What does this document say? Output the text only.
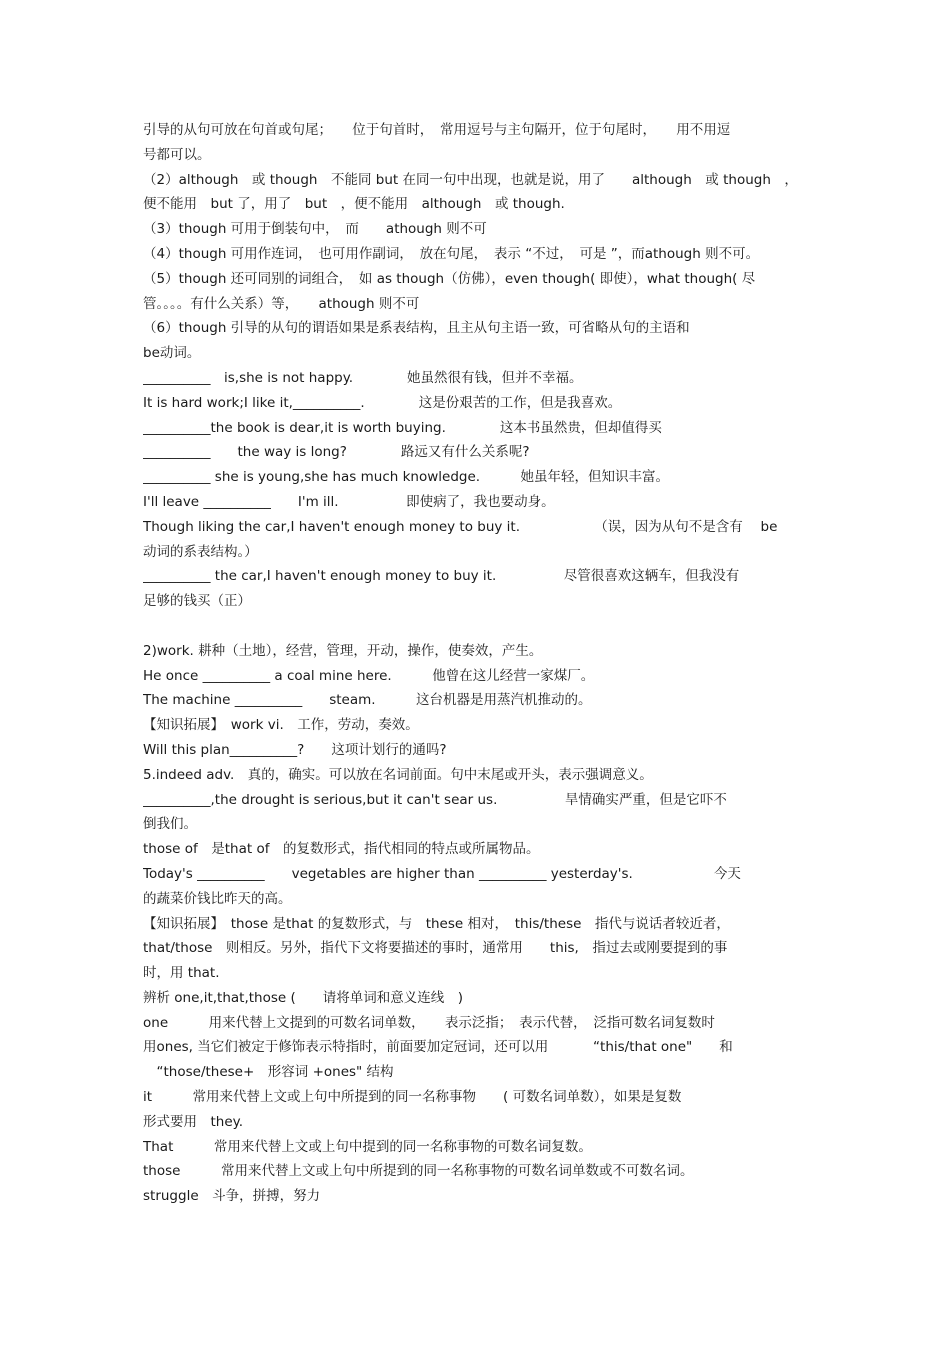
引导的从句可放在句首或句尾；　　位于句首时，　常用逗号与主句隔开，位于句尾时，　　用不用逗
号都可以。
（2）although　或 though　不能同 but 在同一句中出现，也就是说，用了　　although　或 though　，
便不能用　but 了，用了　but　，便不能用　although　或 though.
（3）though 可用于倒装句中，　而　　athough 则不可
（4）though 可用作连词，　也可用作副词，　放在句尾，　表示 “不过，　可是 ”，而athough 则不可。
（5）though 还可同别的词组合，　如 as though（仿佛），even though( 即使），what though( 尽
管。。。。有什么关系）等，　　athough 则不可
（6）though 引导的从句的谓语如果是系表结构，且主从句主语一致，可省略从句的主语和
be动词。
__________　is,she is not happy.　　　　她虽然很有钱，但并不幸福。
It is hard work;I like it,__________.　　　　这是份艰苦的工作，但是我喜欢。
__________the book is dear,it is worth buying.　　　　这本书虽然贵，但却值得买
__________　　the way is long?　　　　路远又有什么关系呢?
__________ she is young,she has much knowledge.　　　她虽年轻，但知识丰富。
I'll leave __________　　I'm ill.　　　　　即使病了，我也要动身。
Though liking the car,I haven't enough money to buy it.　　　　　　（误，因为从句不是含有　 be
动词的系表结构。）
__________ the car,I haven't enough money to buy it.　　　　　尽管很喜欢这辆车，但我没有
足够的钱买（正）
2)work. 耕种（土地），经营，管理，开动，操作，使奏效，产生。
He once __________ a coal mine here.　　　他曾在这儿经营一家煤厂。
The machine __________　　steam.　　　这台机器是用蒸汽机推动的。
【知识拓展】　work vi.　工作，劳动，奏效。
Will this plan__________?　　这项计划行的通吗?
5.indeed adv.　真的，确实。可以放在名词前面。句中末尾或开头，表示强调意义。
__________,the drought is serious,but it can't sear us.　　　　　旱情确实严重，但是它吓不
倒我们。
those of　是that of　的复数形式，指代相同的特点或所属物品。
Today's __________　　vegetables are higher than __________ yesterday's.　　　　　　今天
的蔬菜价钱比昨天的高。
【知识拓展】　those 是that 的复数形式，与　these 相对，　this/these　指代与说话者较近者，
that/those　则相反。另外，指代下文将要描述的事时，通常用　　this,　指过去或刚要提到的事
时，用 that.
辨析 one,it,that,those (　　请将单词和意义连线　)
one　　　用来代替上文提到的可数名词单数，　　表示泛指；　表示代替，　泛指可数名词复数时
用ones, 当它们被定于修饰表示特指时，前面要加定冠词，还可以用　　　 “this/that one"　　和
　“those/these+　形容词 +ones" 结构
it　　　常用来代替上文或上句中所提到的同一名称事物　　( 可数名词单数），如果是复数
形式要用　they.
That　　　常用来代替上文或上句中提到的同一名称事物的可数名词复数。
those　　　常用来代替上文或上句中所提到的同一名称事物的可数名词单数或不可数名词。
struggle　斗争，拼搏，努力
